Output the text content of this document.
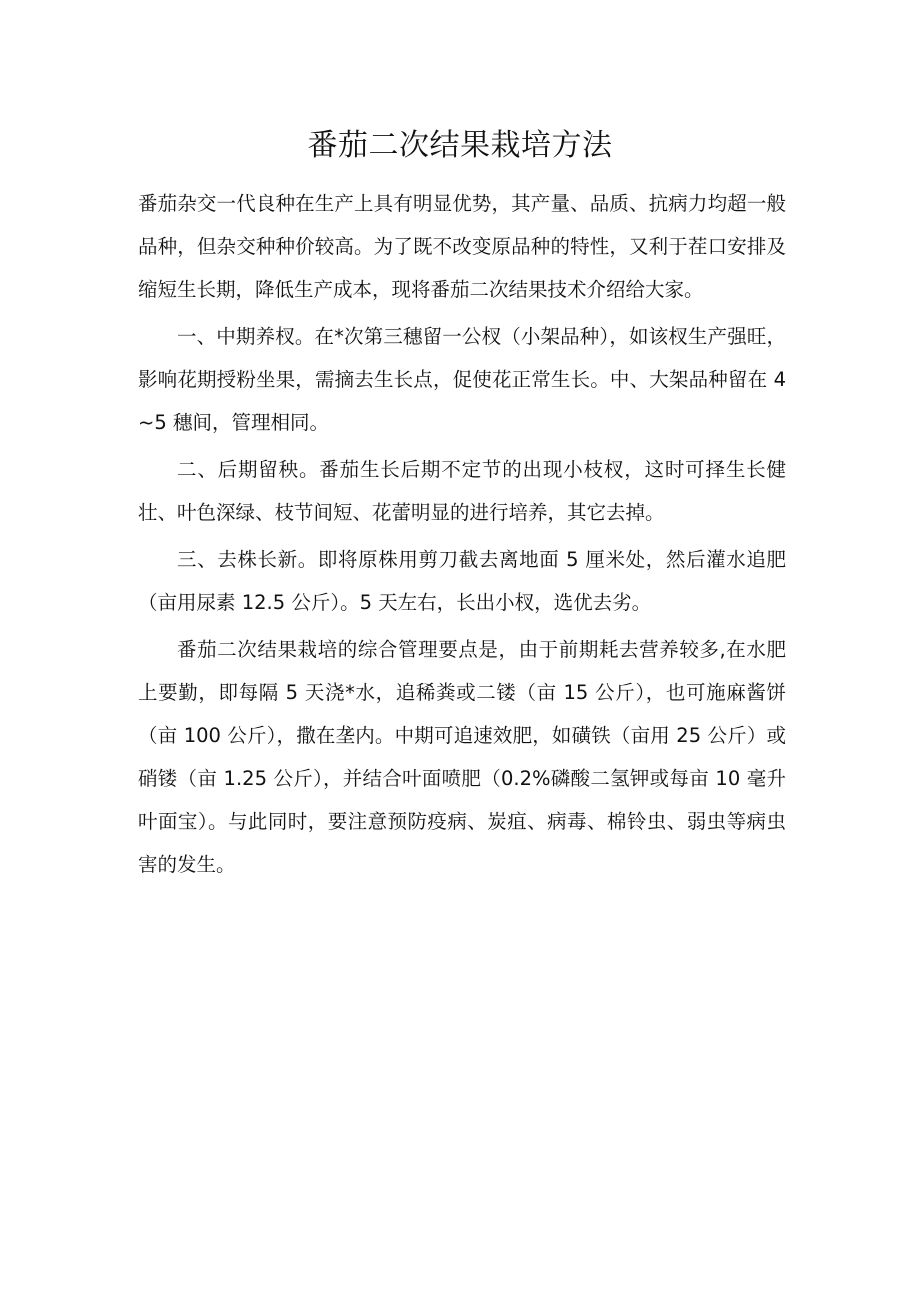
番茄二次结果栽培方法

番茄杂交一代良种在生产上具有明显优势，其产量、品质、抗病力均超一般品种，但杂交种种价较高。为了既不改变原品种的特性，又利于茬口安排及缩短生长期，降低生产成本，现将番茄二次结果技术介绍给大家。

一、中期养杈。在*次第三穗留一公杈（小架品种），如该杈生产强旺，影响花期授粉坐果，需摘去生长点，促使花正常生长。中、大架品种留在 4~5 穗间，管理相同。

二、后期留秧。番茄生长后期不定节的出现小枝杈，这时可择生长健壮、叶色深绿、枝节间短、花蕾明显的进行培养，其它去掉。

三、去株长新。即将原株用剪刀截去离地面 5 厘米处，然后灌水追肥（亩用尿素 12.5 公斤）。5 天左右，长出小杈，选优去劣。

番茄二次结果栽培的综合管理要点是，由于前期耗去营养较多,在水肥上要勤，即每隔 5 天浇*水，追稀粪或二镂（亩 15 公斤），也可施麻酱饼（亩 100 公斤），撒在垄内。中期可追速效肥，如磺铁（亩用 25 公斤）或硝镂（亩 1.25 公斤），并结合叶面喷肥（0.2%磷酸二氢钾或每亩 10 毫升叶面宝）。与此同时，要注意预防疫病、炭疽、病毒、棉铃虫、弱虫等病虫害的发生。
